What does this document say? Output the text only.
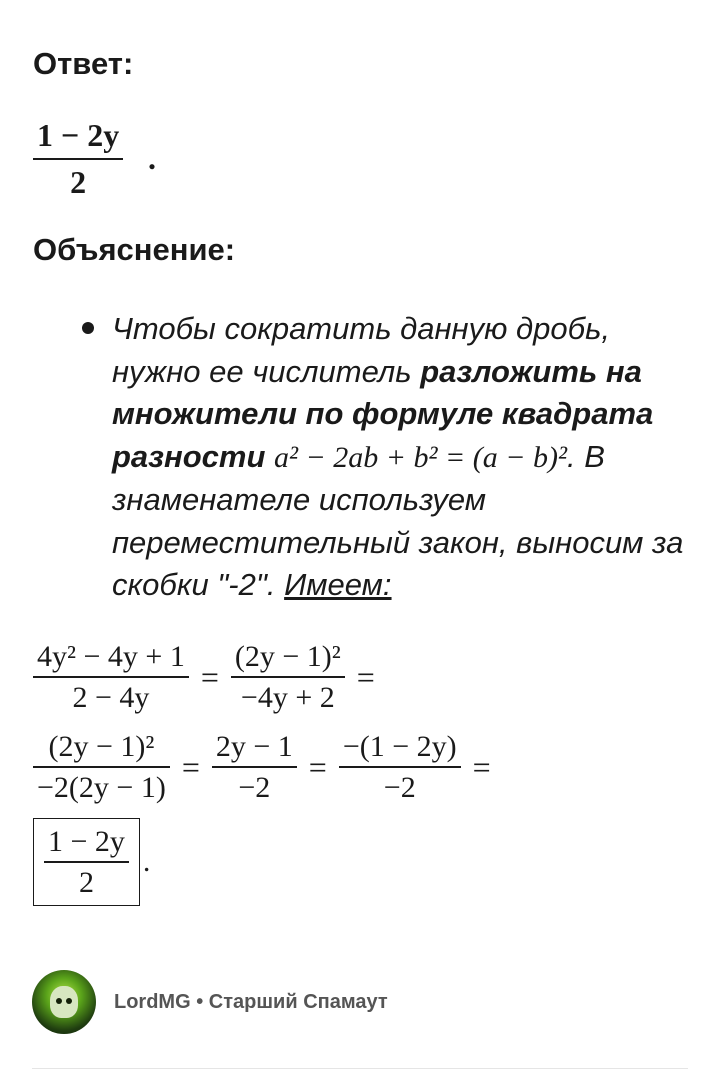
Ответ:
1 − 2y
2
.
Объяснение:
Чтобы сократить данную дробь, нужно ее числитель разложить на множители по формуле квадрата разности a² − 2ab + b² = (a − b)². В знаменателе используем переместительный закон, выносим за скобки "-2". Имеем:
$\frac{\text{4y² − 4y + 1}}{2 - 4y} = \frac{\text{(2y − 1)²}}{-4y + 2}$ =
$\frac{\text{(2y − 1)²}}{-2(2y - 1)} = \frac{2y - 1}{-2} = \frac{-(1 - 2y)}{-2}$ =
$\frac{1 - 2y}{2}$ .
LordMG • Старший Спамаут
